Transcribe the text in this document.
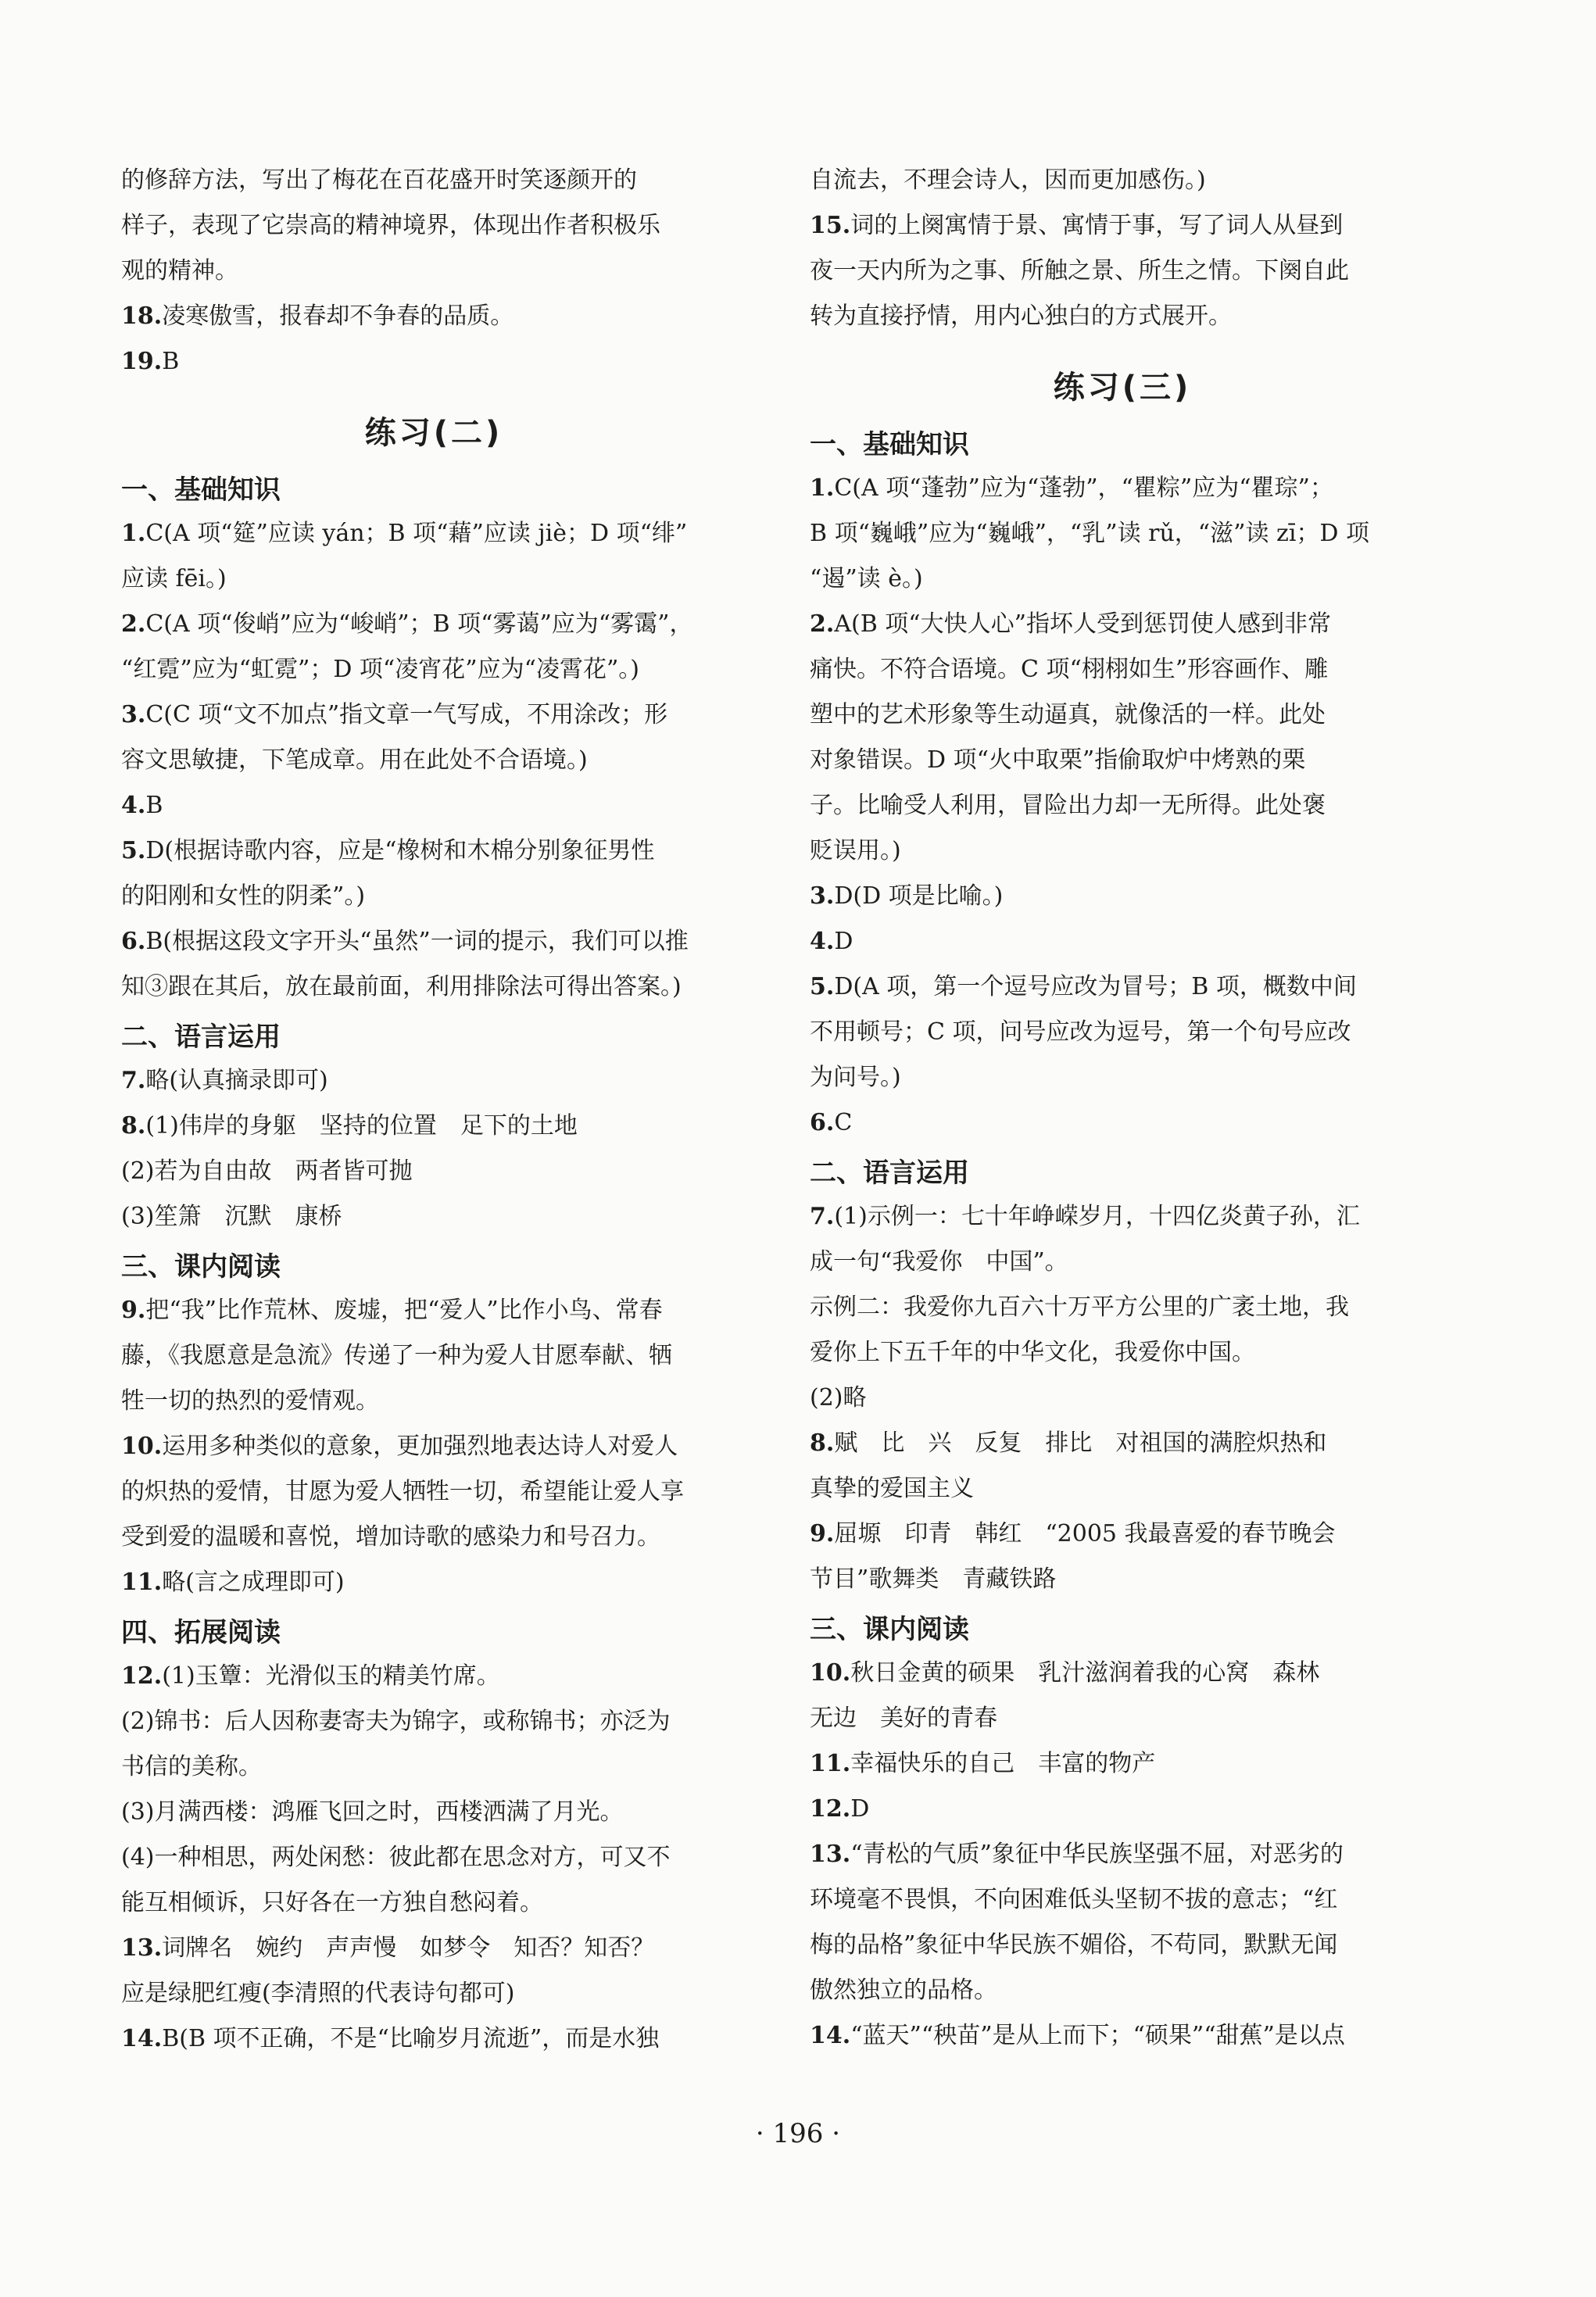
的修辞方法，写出了梅花在百花盛开时笑逐颜开的
样子，表现了它崇高的精神境界，体现出作者积极乐
观的精神。
18.凌寒傲雪，报春却不争春的品质。
19.B
练习(二)
一、基础知识
1.C(A 项“筵”应读 yán；B 项“藉”应读 jiè；D 项“绯”
应读 fēi。)
2.C(A 项“俊峭”应为“峻峭”；B 项“雾蔼”应为“雾霭”，
“红霓”应为“虹霓”；D 项“凌宵花”应为“凌霄花”。)
3.C(C 项“文不加点”指文章一气写成，不用涂改；形
容文思敏捷，下笔成章。用在此处不合语境。)
4.B
5.D(根据诗歌内容，应是“橡树和木棉分别象征男性
的阳刚和女性的阴柔”。)
6.B(根据这段文字开头“虽然”一词的提示，我们可以推
知③跟在其后，放在最前面，利用排除法可得出答案。)
二、语言运用
7.略(认真摘录即可)
8.(1)伟岸的身躯　坚持的位置　足下的土地
(2)若为自由故　两者皆可抛
(3)笙箫　沉默　康桥
三、课内阅读
9.把“我”比作荒林、废墟，把“爱人”比作小鸟、常春
藤，《我愿意是急流》传递了一种为爱人甘愿奉献、牺
牲一切的热烈的爱情观。
10.运用多种类似的意象，更加强烈地表达诗人对爱人
的炽热的爱情，甘愿为爱人牺牲一切，希望能让爱人享
受到爱的温暖和喜悦，增加诗歌的感染力和号召力。
11.略(言之成理即可)
四、拓展阅读
12.(1)玉簟：光滑似玉的精美竹席。
(2)锦书：后人因称妻寄夫为锦字，或称锦书；亦泛为
书信的美称。
(3)月满西楼：鸿雁飞回之时，西楼洒满了月光。
(4)一种相思，两处闲愁：彼此都在思念对方，可又不
能互相倾诉，只好各在一方独自愁闷着。
13.词牌名　婉约　声声慢　如梦令　知否？知否？
应是绿肥红瘦(李清照的代表诗句都可)
14.B(B 项不正确，不是“比喻岁月流逝”，而是水独
自流去，不理会诗人，因而更加感伤。)
15.词的上阕寓情于景、寓情于事，写了词人从昼到
夜一天内所为之事、所触之景、所生之情。下阕自此
转为直接抒情，用内心独白的方式展开。
练习(三)
一、基础知识
1.C(A 项“蓬勃”应为“蓬勃”，“瞿粽”应为“瞿琮”；
B 项“巍峨”应为“巍峨”，“乳”读 rǔ，“滋”读 zī；D 项
“遏”读 è。)
2.A(B 项“大快人心”指坏人受到惩罚使人感到非常
痛快。不符合语境。C 项“栩栩如生”形容画作、雕
塑中的艺术形象等生动逼真，就像活的一样。此处
对象错误。D 项“火中取栗”指偷取炉中烤熟的栗
子。比喻受人利用，冒险出力却一无所得。此处褒
贬误用。)
3.D(D 项是比喻。)
4.D
5.D(A 项，第一个逗号应改为冒号；B 项，概数中间
不用顿号；C 项，问号应改为逗号，第一个句号应改
为问号。)
6.C
二、语言运用
7.(1)示例一：七十年峥嵘岁月，十四亿炎黄子孙，汇
成一句“我爱你　中国”。
示例二：我爱你九百六十万平方公里的广袤土地，我
爱你上下五千年的中华文化，我爱你中国。
(2)略
8.赋　比　兴　反复　排比　对祖国的满腔炽热和
真挚的爱国主义
9.屈塬　印青　韩红　“2005 我最喜爱的春节晚会
节目”歌舞类　青藏铁路
三、课内阅读
10.秋日金黄的硕果　乳汁滋润着我的心窝　森林
无边　美好的青春
11.幸福快乐的自己　丰富的物产
12.D
13.“青松的气质”象征中华民族坚强不屈，对恶劣的
环境毫不畏惧，不向困难低头坚韧不拔的意志；“红
梅的品格”象征中华民族不媚俗，不苟同，默默无闻
傲然独立的品格。
14.“蓝天”“秧苗”是从上而下；“硕果”“甜蕉”是以点
· 196 ·
